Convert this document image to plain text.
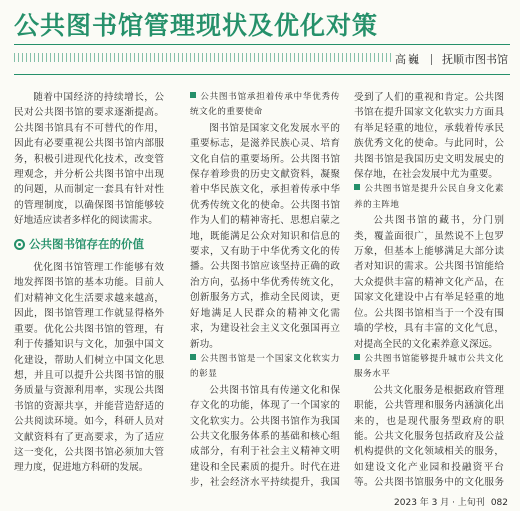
公共图书馆管理现状及优化对策
高巍 抚顺市图书馆

随着中国经济的持续增长，公民对公共图书馆的要求逐渐提高。公共图书馆具有不可替代的作用，因此有必要重视公共图书馆内部服务，积极引进现代化技术，改变管理观念，并分析公共图书馆中出现的问题，从而制定一套具有针对性的管理制度，以确保图书馆能够较好地适应读者多样化的阅读需求。

公共图书馆存在的价值

优化图书馆管理工作能够有效地发挥图书馆的基本功能。目前人们对精神文化生活要求越来越高，因此，图书馆管理工作就显得格外重要。优化公共图书馆的管理，有利于传播知识与文化，加强中国文化建设，帮助人们树立中国文化思想，并且可以提升公共图书馆的服务质量与资源利用率，实现公共图书馆的资源共享，并能营造舒适的公共阅读环境。如今，科研人员对文献资料有了更高要求，为了适应这一变化，公共图书馆必须加大管理力度，促进地方科研的发展。

公共图书馆承担着传承中华优秀传统文化的重要使命

图书馆是国家文化发展水平的重要标志，是滋养民族心灵、培育文化自信的重要场所。公共图书馆保存着珍贵的历史文献资料，凝聚着中华民族文化，承担着传承中华优秀传统文化的使命。公共图书馆作为人们的精神寄托、思想启蒙之地，既能满足公众对知识和信息的要求，又有助于中华优秀文化的传播。公共图书馆应该坚持正确的政治方向，弘扬中华优秀传统文化，创新服务方式，推动全民阅读，更好地满足人民群众的精神文化需求，为建设社会主义文化强国再立新功。

公共图书馆是一个国家文化软实力的彰显

公共图书馆具有传递文化和保存文化的功能，体现了一个国家的文化软实力。公共图书馆作为我国公共文化服务体系的基础和核心组成部分，有利于社会主义精神文明建设和全民素质的提升。时代在进步，社会经济水平持续提升，我国

受到了人们的重视和肯定。公共图书馆在提升国家文化软实力方面具有举足轻重的地位，承载着传承民族优秀文化的使命。与此同时，公共图书馆是我国历史文明发展史的保存地，在社会发展中尤为重要。

公共图书馆是提升公民自身文化素养的主阵地

公共图书馆的藏书，分门别类，覆盖面很广，虽然说不上包罗万象，但基本上能够满足大部分读者对知识的需求。公共图书馆能给大众提供丰富的精神文化产品，在国家文化建设中占有举足轻重的地位。公共图书馆相当于一个没有围墙的学校，具有丰富的文化气息，对提高全民的文化素养意义深远。

公共图书馆能够提升城市公共文化服务水平

公共文化服务是根据政府管理职能，公共管理和服务内涵演化出来的，也是现代服务型政府的职能。公共文化服务包括政府及公益机构提供的文化领域相关的服务，如建设文化产业园和投融资平台等。公共图书馆服务中的文化服务

2023 年 3 月 · 上旬刊 082
